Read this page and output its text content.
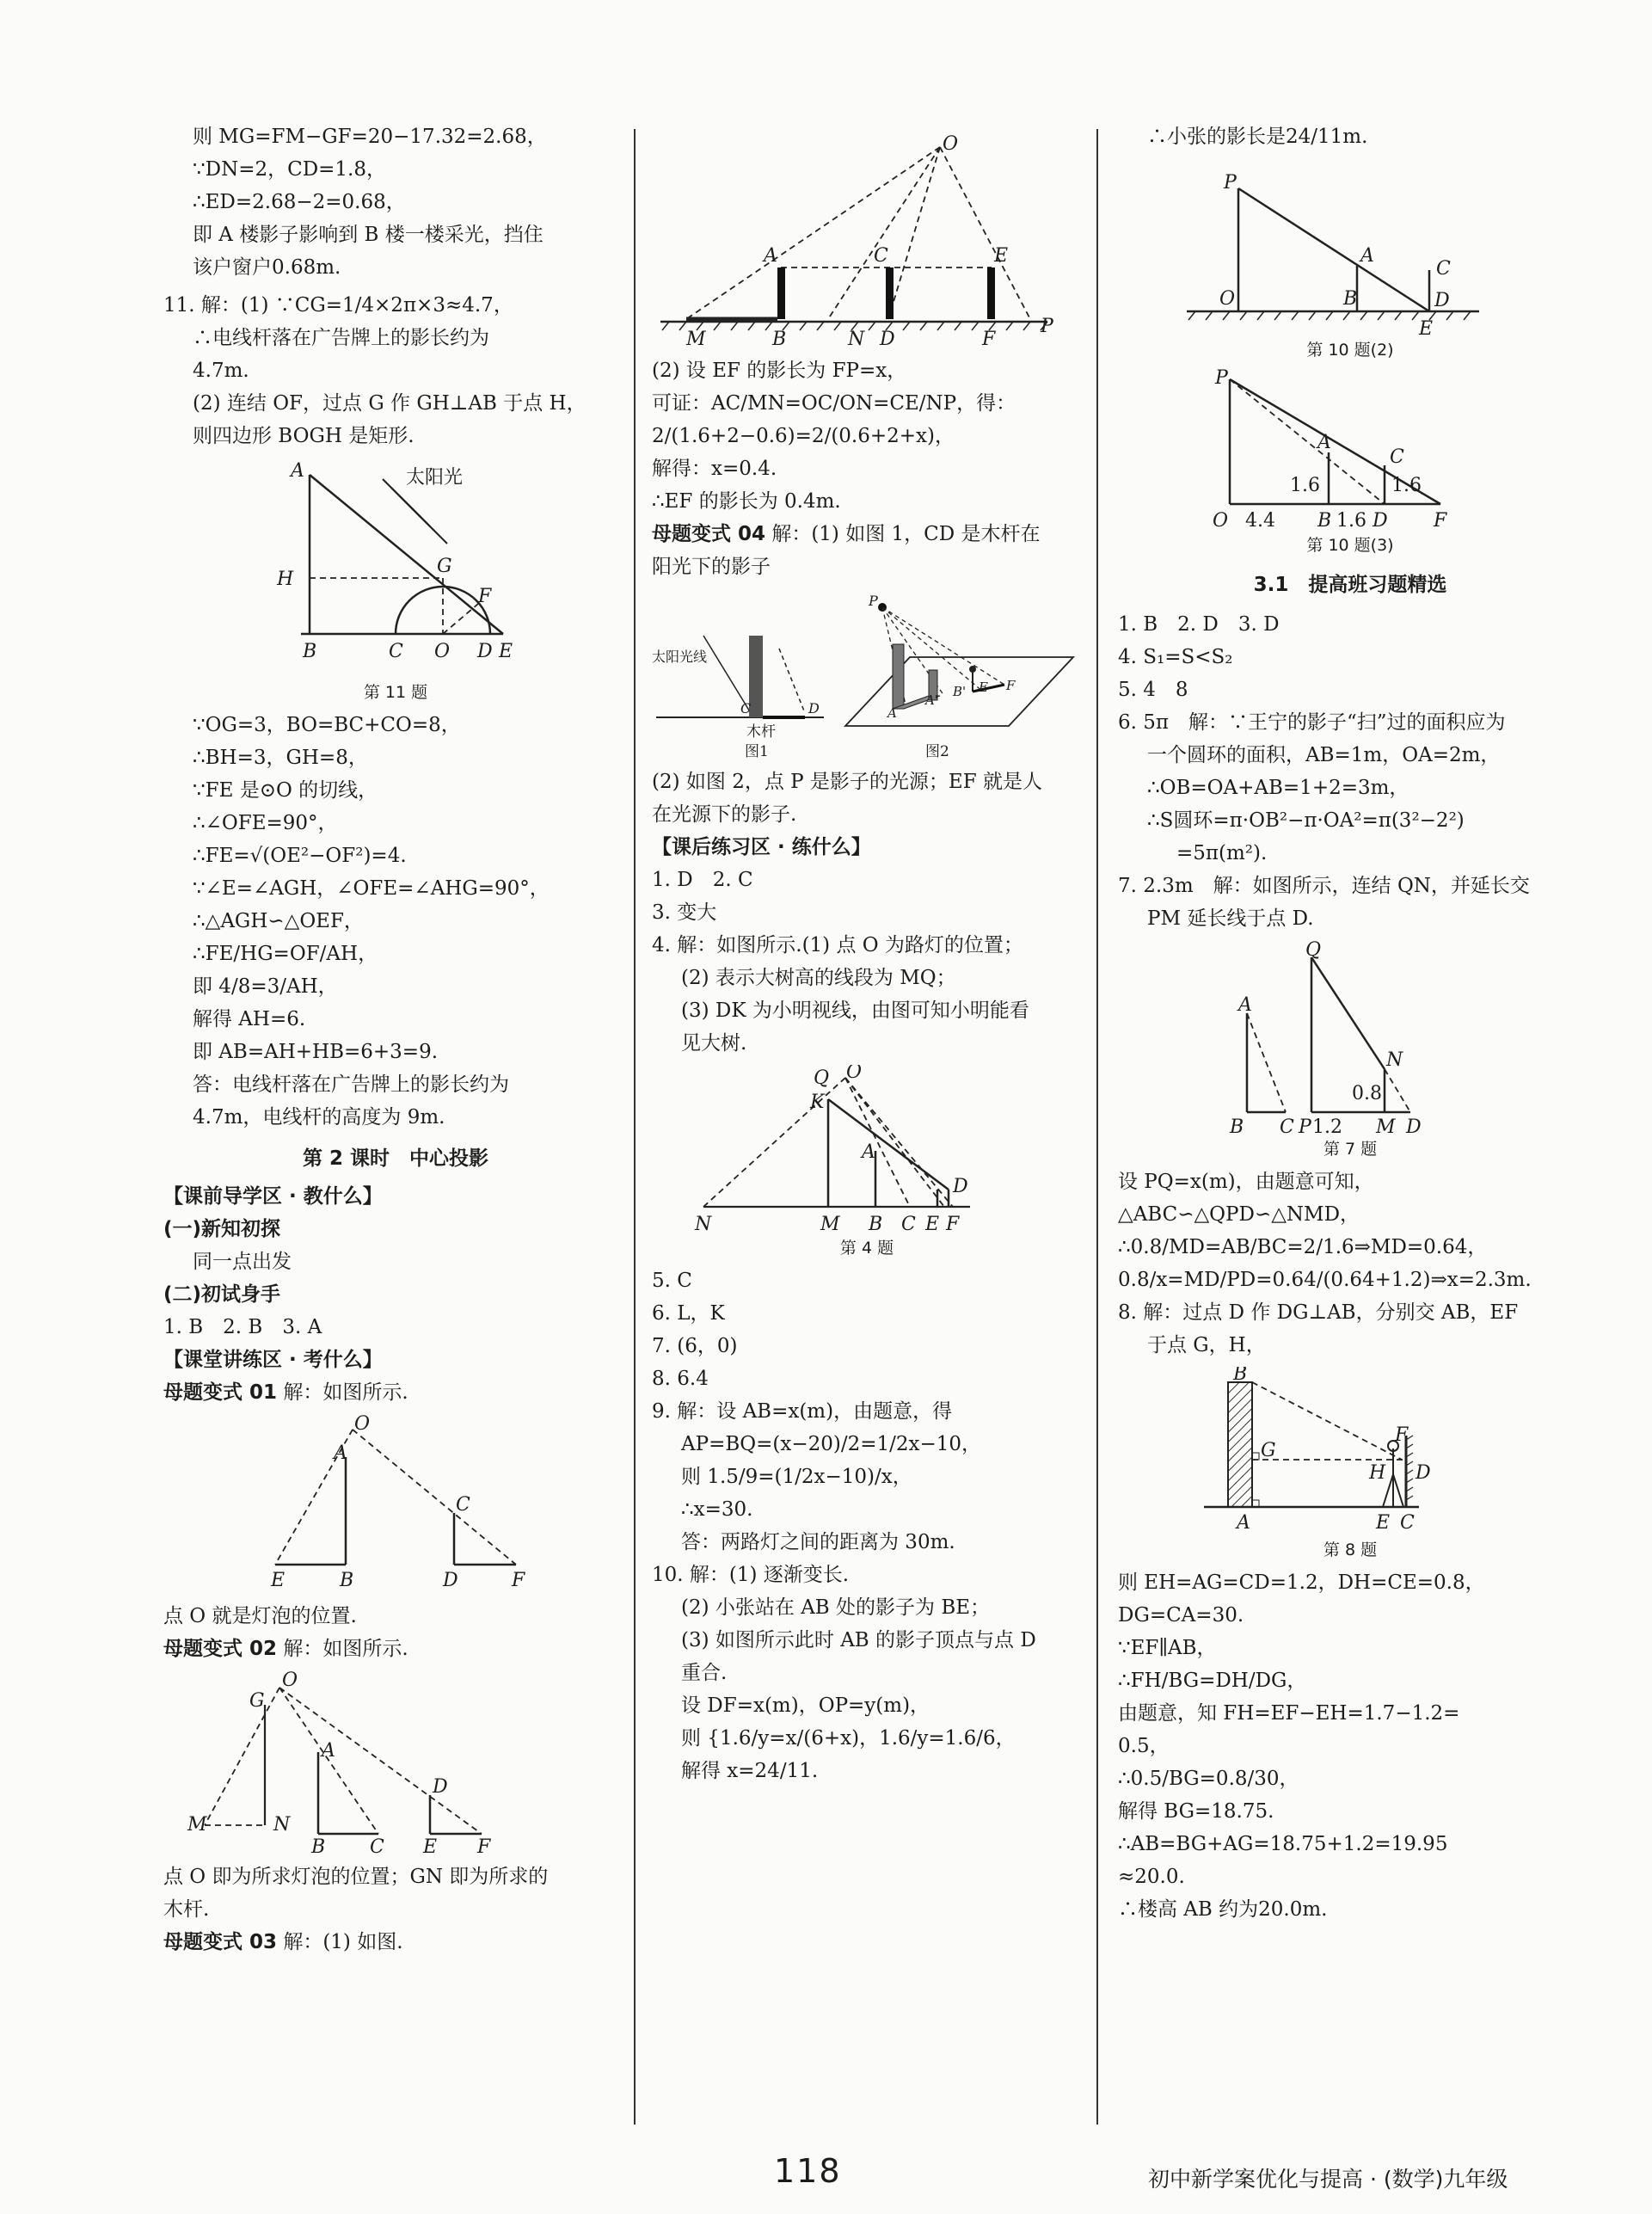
则 MG=FM−GF=20−17.32=2.68，
∵DN=2，CD=1.8，
∴ED=2.68−2=0.68，
即 A 楼影子影响到 B 楼一楼采光，挡住
该户窗户0.68m.
11. 解：(1) ∵CG=1/4×2π×3≈4.7，
∴电线杆落在广告牌上的影长约为
4.7m.
(2) 连结 OF，过点 G 作 GH⊥AB 于点 H，
则四边形 BOGH 是矩形.
太阳光
A
H
G
F
B	C O D E
第 11 题
∵OG=3，BO=BC+CO=8，
∴BH=3，GH=8，
∵FE 是⊙O 的切线，
∴∠OFE=90°，
∴FE=√(OE²−OF²)=4.
∵∠E=∠AGH，∠OFE=∠AHG=90°，
∴△AGH∽△OEF，
∴FE/HG=OF/AH，
即 4/8=3/AH，
解得 AH=6.
即 AB=AH+HB=6+3=9.
答：电线杆落在广告牌上的影长约为
4.7m，电线杆的高度为 9m.
第 2 课时　中心投影
【课前导学区 · 教什么】
(一)新知初探
同一点出发
(二)初试身手
1. B　2. B　3. A
【课堂讲练区 · 考什么】
母题变式 01 解：如图所示.
O
A
C
E	B	D	F
点 O 就是灯泡的位置.
母题变式 02 解：如图所示.
O
G
A
D
M	N
B C E F
点 O 即为所求灯泡的位置；GN 即为所求的
木杆.
母题变式 03 解：(1) 如图.
O
A	C	E
M	B	N D	F
P
(2) 设 EF 的影长为 FP=x，
可证：AC/MN=OC/ON=CE/NP，得：
2/(1.6+2−0.6)=2/(0.6+2+x)，
解得：x=0.4.
∴EF 的影长为 0.4m.
母题变式 04 解：(1) 如图 1，CD 是木杆在
阳光下的影子
太阳光线
C	D
木杆
图1
P
A
A'
B' E F
图2
(2) 如图 2，点 P 是影子的光源；EF 就是人
在光源下的影子.
【课后练习区 · 练什么】
1. D　2. C
3. 变大
4. 解：如图所示.(1) 点 O 为路灯的位置；
(2) 表示大树高的线段为 MQ；
(3) DK 为小明视线，由图可知小明能看
见大树.
O
Q
K
A
D
N	M B C E F
第 4 题
5. C
6. L，K
7. (6，0)
8. 6.4
9. 解：设 AB=x(m)，由题意，得
AP=BQ=(x−20)/2=1/2x−10，
则 1.5/9=(1/2x−10)/x，
∴x=30.
答：两路灯之间的距离为 30m.
10. 解：(1) 逐渐变长.
(2) 小张站在 AB 处的影子为 BE；
(3) 如图所示此时 AB 的影子顶点与点 D
重合.
设 DF=x(m)，OP=y(m)，
则 {1.6/y=x/(6+x)，1.6/y=1.6/6，
解得 x=24/11.
∴小张的影长是24/11m.
P
A
C
O	B	D
E
第 10 题(2)
P
A
C
1.6	1.6
O 4.4 B 1.6 D F
第 10 题(3)
3.1　提高班习题精选
1. B　2. D　3. D
4. S₁=S<S₂
5. 4　8
6. 5π　解：∵王宁的影子“扫”过的面积应为
一个圆环的面积，AB=1m，OA=2m，
∴OB=OA+AB=1+2=3m，
∴S圆环=π·OB²−π·OA²=π(3²−2²)
=5π(m²).
7. 2.3m　解：如图所示，连结 QN，并延长交
PM 延长线于点 D.
Q
A
N
0.8
B C P 1.2 M D
第 7 题
设 PQ=x(m)，由题意可知，
△ABC∽△QPD∽△NMD，
∴0.8/MD=AB/BC=2/1.6⇒MD=0.64，
0.8/x=MD/PD=0.64/(0.64+1.2)⇒x=2.3m.
8. 解：过点 D 作 DG⊥AB，分别交 AB，EF
于点 G，H，
B
G
F
H D
A	E C
第 8 题
则 EH=AG=CD=1.2，DH=CE=0.8，
DG=CA=30.
∵EF∥AB，
∴FH/BG=DH/DG，
由题意，知 FH=EF−EH=1.7−1.2=
0.5，
∴0.5/BG=0.8/30，
解得 BG=18.75.
∴AB=BG+AG=18.75+1.2=19.95
≈20.0.
∴楼高 AB 约为20.0m.
118	初中新学案优化与提高 · (数学)九年级
